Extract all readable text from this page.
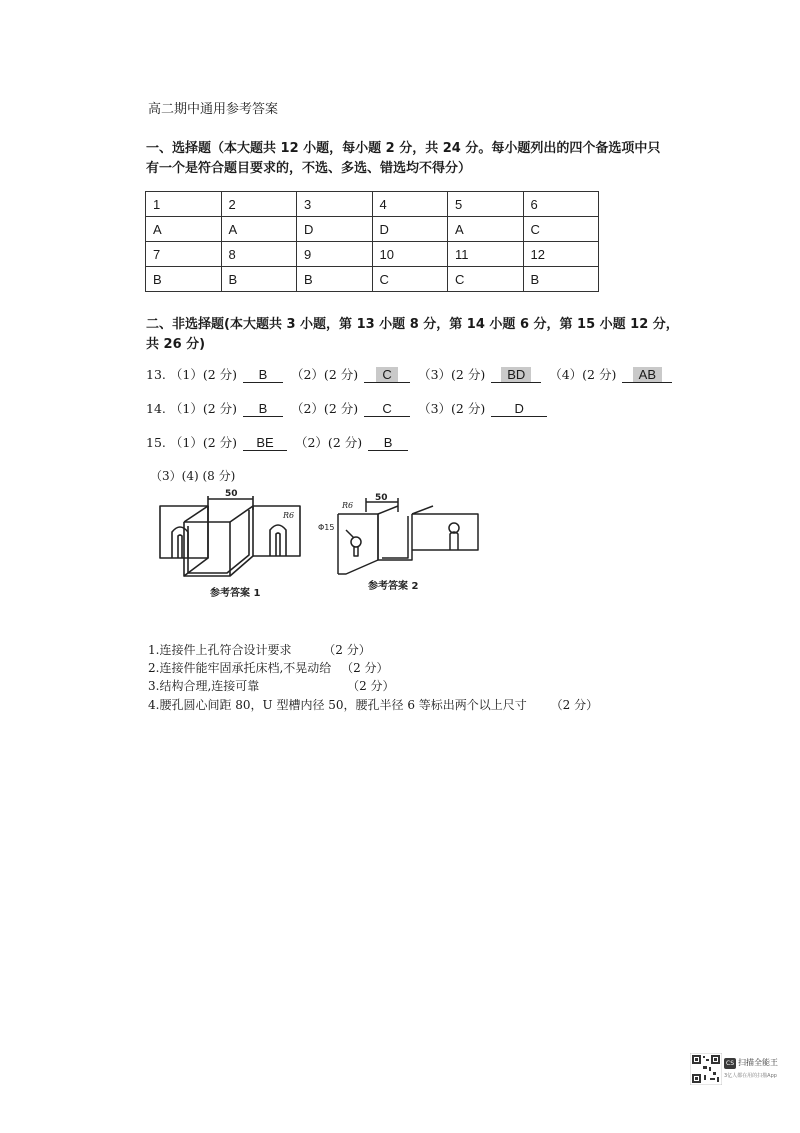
高二期中通用参考答案
一、选择题（本大题共 12 小题，每小题 2 分，共 24 分。每小题列出的四个备选项中只
有一个是符合题目要求的，不选、多选、错选均不得分）
1	2	3	4	5	6
A	A	D	D	A	C
7	8	9	10	11	12
B	B	B	C	C	B
二、非选择题(本大题共 3 小题，第 13 小题 8 分，第 14 小题 6 分，第 15 小题 12 分，
共 26 分)
13. （1）(2 分) B （2）(2 分) C （3）(2 分) BD （4）(2 分) AB
14. （1）(2 分) B （2）(2 分) C （3）(2 分) D
15. （1）(2 分) BE （2）(2 分) B
（3）(4) (8 分)
50
R6
参考答案 1
50
Φ15
R6
参考答案 2
1.连接件上孔符合设计要求	（2 分）
2.连接件能牢固承托床档,不晃动给 （2 分）
3.结构合理,连接可靠	（2 分）
4.腰孔圆心间距 80，U 型槽内径 50，腰孔半径 6 等标出两个以上尺寸 （2 分）
CS 扫描全能王
3亿人都在用的扫描App
